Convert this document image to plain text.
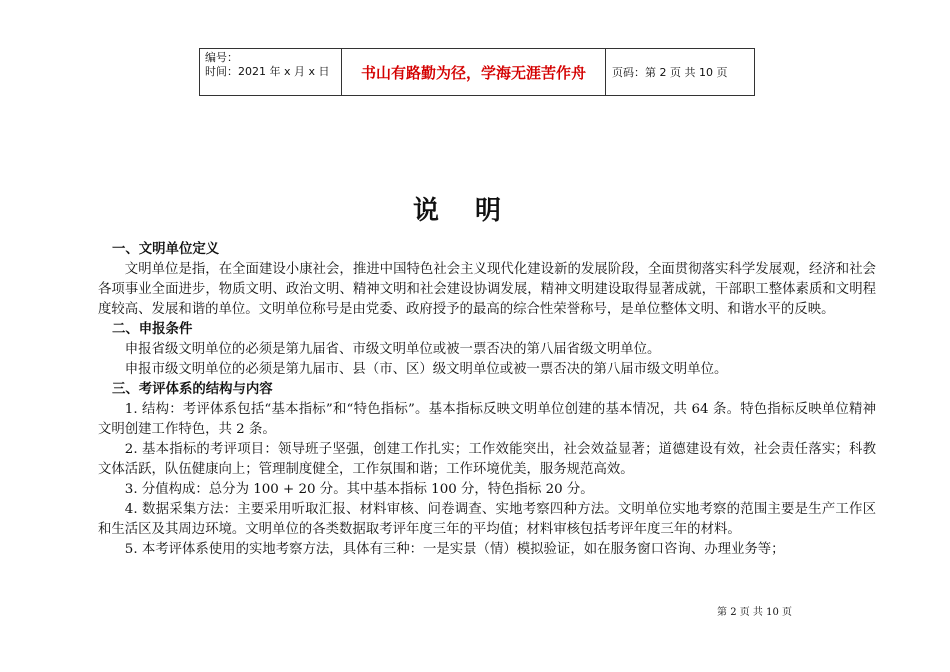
编号：
时间：2021 年 x 月 x 日	书山有路勤为径，学海无涯苦作舟	页码：第 2 页 共 10 页
说明

一、文明单位定义

文明单位是指，在全面建设小康社会，推进中国特色社会主义现代化建设新的发展阶段，全面贯彻落实科学发展观，经济和社会各项事业全面进步，物质文明、政治文明、精神文明和社会建设协调发展，精神文明建设取得显著成就，干部职工整体素质和文明程度较高、发展和谐的单位。文明单位称号是由党委、政府授予的最高的综合性荣誉称号，是单位整体文明、和谐水平的反映。

二、申报条件

申报省级文明单位的必须是第九届省、市级文明单位或被一票否决的第八届省级文明单位。

申报市级文明单位的必须是第九届市、县（市、区）级文明单位或被一票否决的第八届市级文明单位。

三、考评体系的结构与内容

1. 结构：考评体系包括“基本指标”和“特色指标”。基本指标反映文明单位创建的基本情况，共 64 条。特色指标反映单位精神文明创建工作特色，共 2 条。

2. 基本指标的考评项目：领导班子坚强，创建工作扎实；工作效能突出，社会效益显著；道德建设有效，社会责任落实；科教文体活跃，队伍健康向上；管理制度健全，工作氛围和谐；工作环境优美，服务规范高效。

3. 分值构成：总分为 100 + 20 分。其中基本指标 100 分，特色指标 20 分。

4. 数据采集方法：主要采用听取汇报、材料审核、问卷调查、实地考察四种方法。文明单位实地考察的范围主要是生产工作区和生活区及其周边环境。文明单位的各类数据取考评年度三年的平均值；材料审核包括考评年度三年的材料。

5. 本考评体系使用的实地考察方法，具体有三种：一是实景（情）模拟验证，如在服务窗口咨询、办理业务等；

第 2 页 共 10 页
